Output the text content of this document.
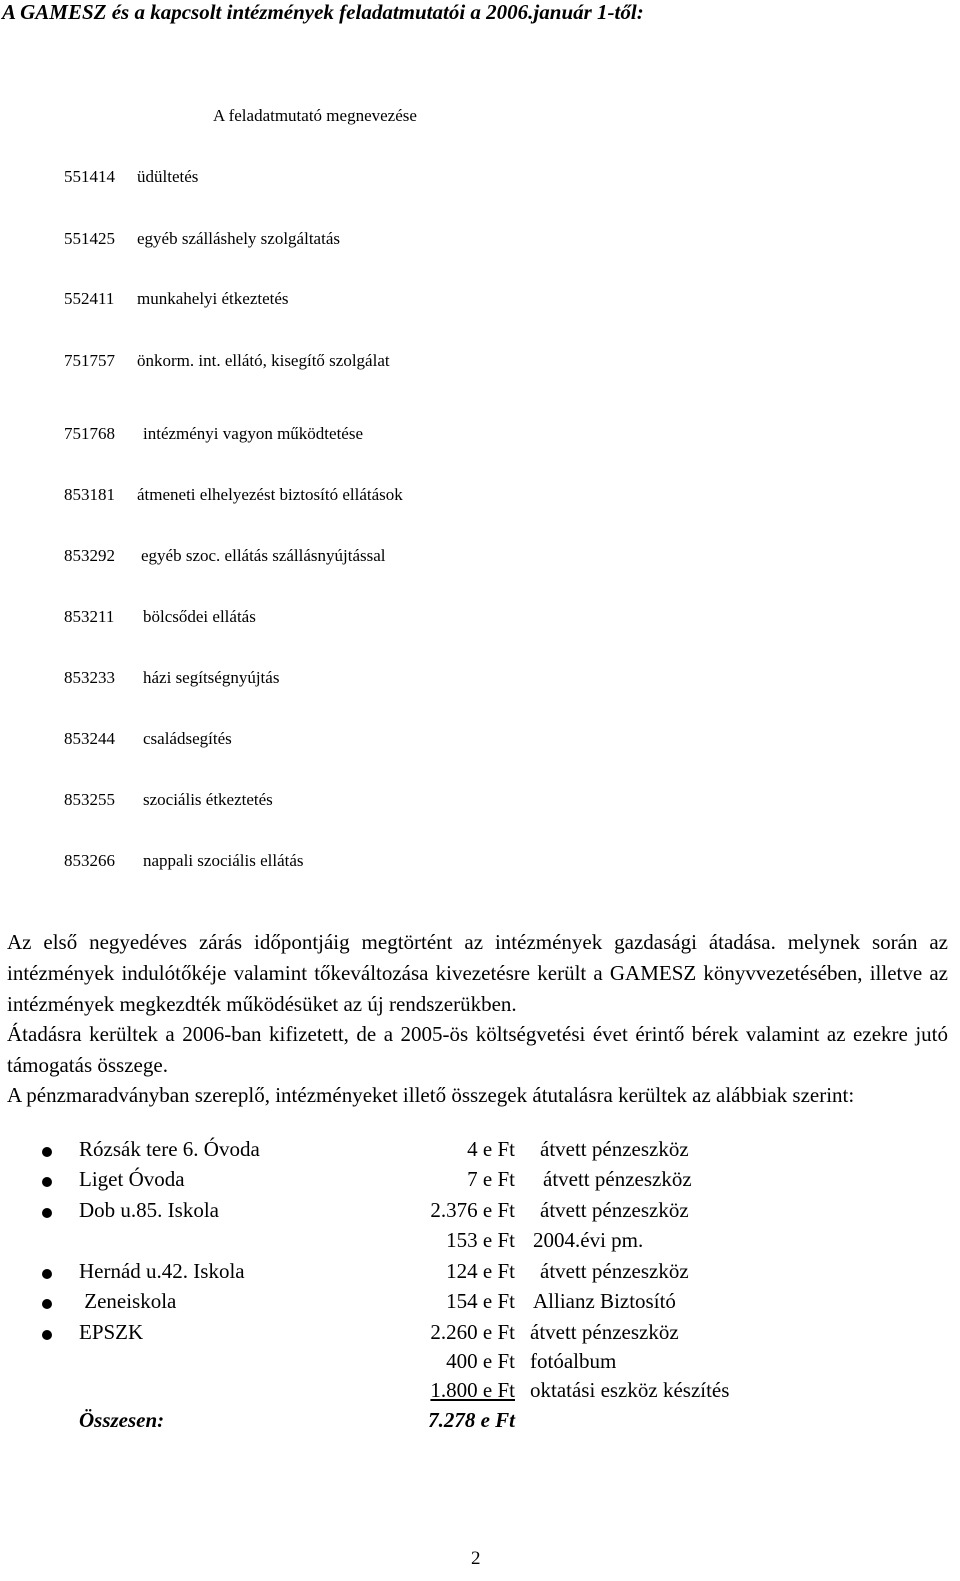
A GAMESZ és a kapcsolt intézmények feladatmutatói a 2006.január 1-től:
A feladatmutató megnevezése
551414 üdültetés
551425 egyéb szálláshely szolgáltatás
552411 munkahelyi étkeztetés
751757 önkorm. int. ellátó, kisegítő szolgálat
751768 intézményi vagyon működtetése
853181 átmeneti elhelyezést biztosító ellátások
853292 egyéb szoc. ellátás szállásnyújtással
853211 bölcsődei ellátás
853233 házi segítségnyújtás
853244 családsegítés
853255 szociális étkeztetés
853266 nappali szociális ellátás
Az első negyedéves zárás időpontjáig megtörtént az intézmények gazdasági átadása. melynek során az intézmények indulótőkéje valamint tőkeváltozása kivezetésre került a GAMESZ könyvvezetésében, illetve az intézmények megkezdték működésüket az új rendszerükben.
Átadásra kerültek a 2006-ban kifizetett, de a 2005-ös költségvetési évet érintő bérek valamint az ezekre jutó támogatás összege.
A pénzmaradványban szereplő, intézményeket illető összegek átutalásra kerültek az alábbiak szerint:
Rózsák tere 6. Óvoda	4 e Ft átvett pénzeszköz
Liget Óvoda	7 e Ft átvett pénzeszköz
Dob u.85. Iskola	2.376 e Ft átvett pénzeszköz
153 e Ft 2004.évi pm.
Hernád u.42. Iskola	124 e Ft átvett pénzeszköz
Zeneiskola	154 e Ft Allianz Biztosító
EPSZK	2.260 e Ft átvett pénzeszköz
400 e Ft fotóalbum
1.800 e Ft oktatási eszköz készítés
Összesen:	7.278 e Ft
2
